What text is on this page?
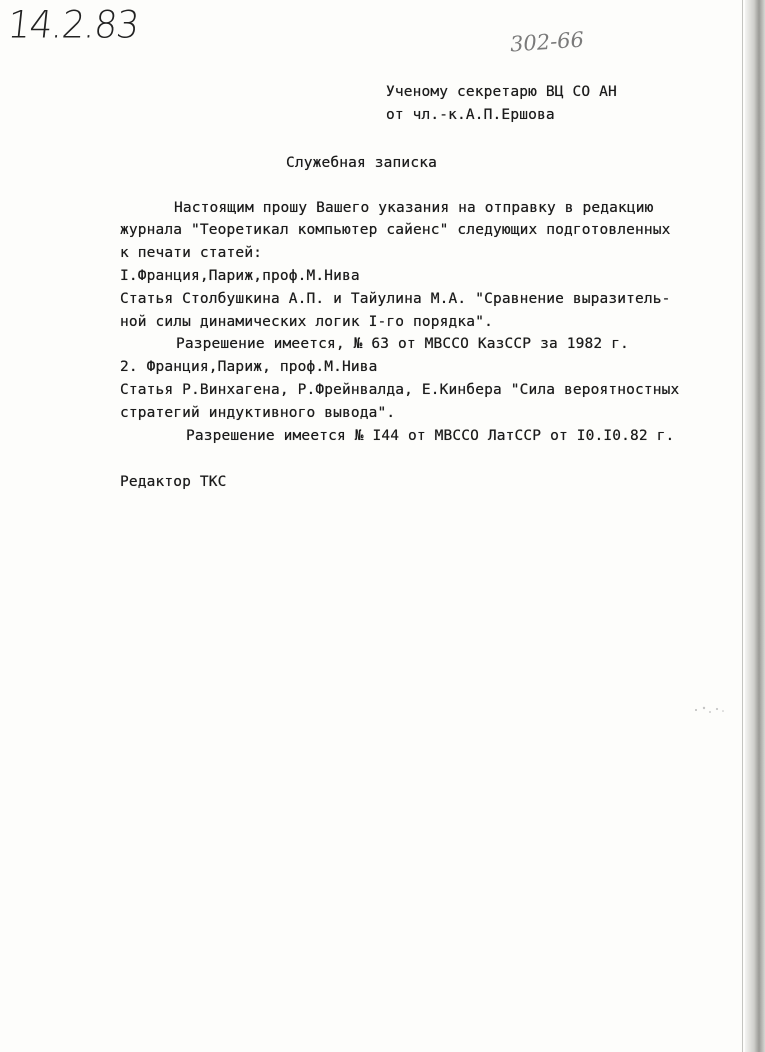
14.2.83	302-66
Ученому секретарю ВЦ СО АН
от чл.-к.А.П.Ершова
Служебная записка
Настоящим прошу Вашего указания на отправку в редакцию
журнала "Теоретикал компьютер сайенс" следующих подготовленных
к печати статей:
I.Франция,Париж,проф.М.Нива
Статья Столбушкина А.П. и Тайулина М.А. "Сравнение выразитель-
ной силы динамических логик I-го порядка".
Разрешение имеется, № 63 от МВССО КазССР за 1982 г.
2. Франция,Париж, проф.М.Нива
Статья Р.Винхагена, Р.Фрейнвалда, Е.Кинбера "Сила вероятностных
стратегий индуктивного вывода".
Разрешение имеется № I44 от МВССО ЛатССР от I0.I0.82 г.
Редактор ТКС
